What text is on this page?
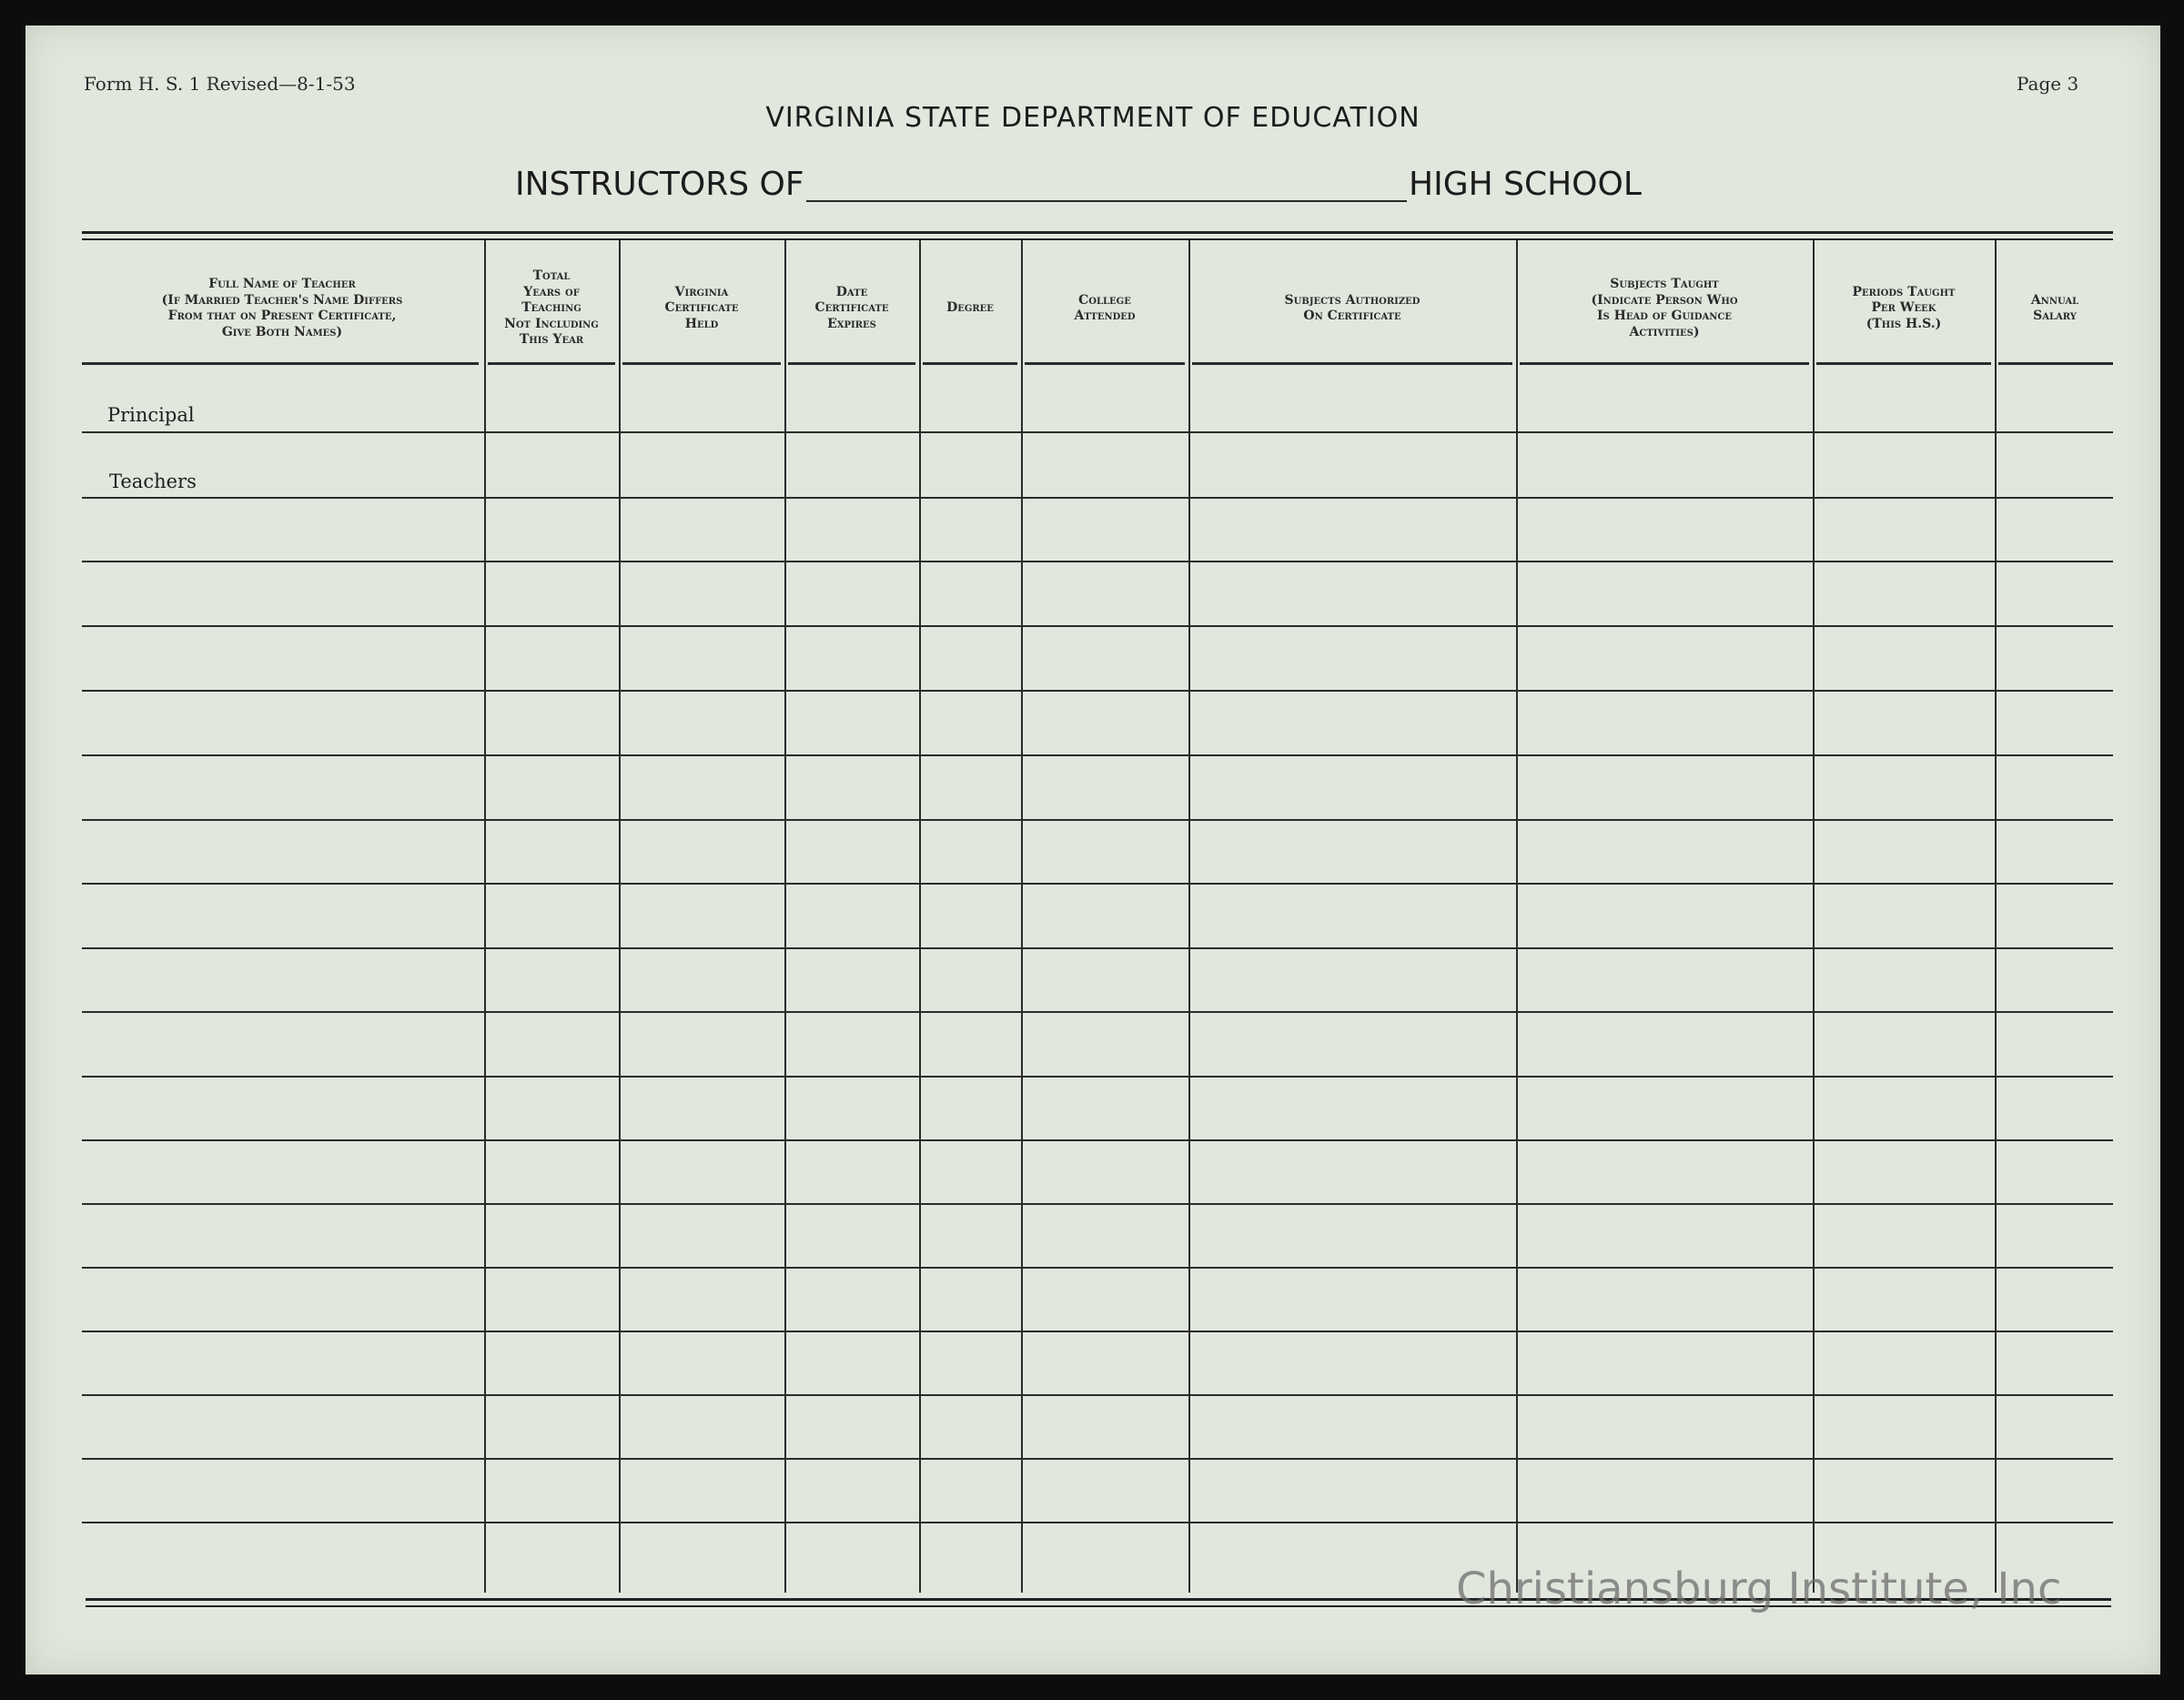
Form H. S. 1 Revised—8-1-53	Page 3
VIRGINIA STATE DEPARTMENT OF EDUCATION
INSTRUCTORS OF	HIGH SCHOOL
Full Name of Teacher
(If Married Teacher's Name Differs
From that on Present Certificate,
Give Both Names)
Total
Years of
Teaching
Not Including
This Year
Virginia
Certificate
Held
Date
Certificate
Expires
Degree
College
Attended
Subjects Authorized
On Certificate
Subjects Taught
(Indicate Person Who
Is Head of Guidance
Activities)
Periods Taught
Per Week
(This H.S.)
Annual
Salary
Principal
Teachers
Christiansburg Institute, Inc
